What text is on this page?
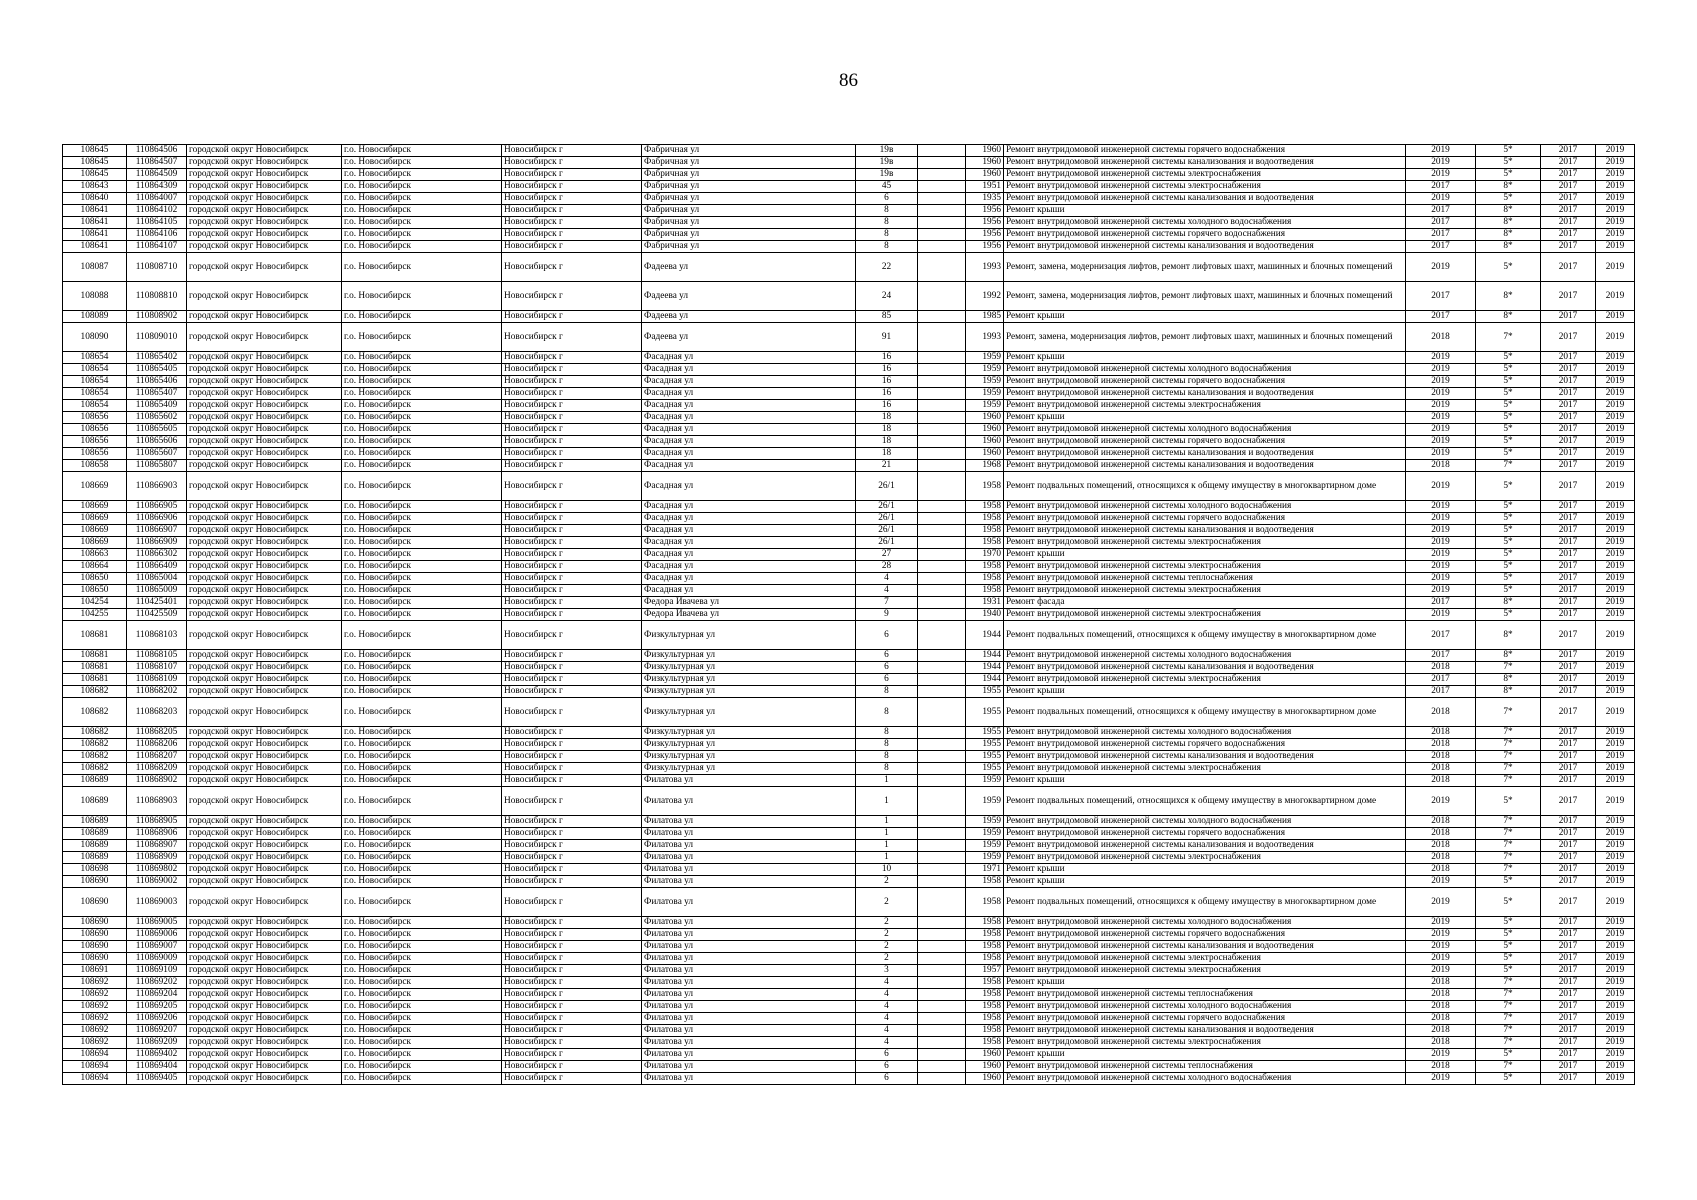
86
108645	110864506	городской округ Новосибирск	г.о. Новосибирск	Новосибирск г	Фабричная ул	19в		1960	Ремонт внутридомовой инженерной системы горячего водоснабжения	2019	5*	2017	2019
108645	110864507	городской округ Новосибирск	г.о. Новосибирск	Новосибирск г	Фабричная ул	19в		1960	Ремонт внутридомовой инженерной системы канализования и водоотведения	2019	5*	2017	2019
108645	110864509	городской округ Новосибирск	г.о. Новосибирск	Новосибирск г	Фабричная ул	19в		1960	Ремонт внутридомовой инженерной системы электроснабжения	2019	5*	2017	2019
108643	110864309	городской округ Новосибирск	г.о. Новосибирск	Новосибирск г	Фабричная ул	45		1951	Ремонт внутридомовой инженерной системы электроснабжения	2017	8*	2017	2019
108640	110864007	городской округ Новосибирск	г.о. Новосибирск	Новосибирск г	Фабричная ул	6		1935	Ремонт внутридомовой инженерной системы канализования и водоотведения	2019	5*	2017	2019
108641	110864102	городской округ Новосибирск	г.о. Новосибирск	Новосибирск г	Фабричная ул	8		1956	Ремонт крыши	2017	8*	2017	2019
108641	110864105	городской округ Новосибирск	г.о. Новосибирск	Новосибирск г	Фабричная ул	8		1956	Ремонт внутридомовой инженерной системы холодного водоснабжения	2017	8*	2017	2019
108641	110864106	городской округ Новосибирск	г.о. Новосибирск	Новосибирск г	Фабричная ул	8		1956	Ремонт внутридомовой инженерной системы горячего водоснабжения	2017	8*	2017	2019
108641	110864107	городской округ Новосибирск	г.о. Новосибирск	Новосибирск г	Фабричная ул	8		1956	Ремонт внутридомовой инженерной системы канализования и водоотведения	2017	8*	2017	2019
108087	110808710	городской округ Новосибирск	г.о. Новосибирск	Новосибирск г	Фадеева ул	22		1993	Ремонт, замена, модернизация лифтов, ремонт лифтовых шахт, машинных и блочных помещений	2019	5*	2017	2019
108088	110808810	городской округ Новосибирск	г.о. Новосибирск	Новосибирск г	Фадеева ул	24		1992	Ремонт, замена, модернизация лифтов, ремонт лифтовых шахт, машинных и блочных помещений	2017	8*	2017	2019
108089	110808902	городской округ Новосибирск	г.о. Новосибирск	Новосибирск г	Фадеева ул	85		1985	Ремонт крыши	2017	8*	2017	2019
108090	110809010	городской округ Новосибирск	г.о. Новосибирск	Новосибирск г	Фадеева ул	91		1993	Ремонт, замена, модернизация лифтов, ремонт лифтовых шахт, машинных и блочных помещений	2018	7*	2017	2019
108654	110865402	городской округ Новосибирск	г.о. Новосибирск	Новосибирск г	Фасадная ул	16		1959	Ремонт крыши	2019	5*	2017	2019
108654	110865405	городской округ Новосибирск	г.о. Новосибирск	Новосибирск г	Фасадная ул	16		1959	Ремонт внутридомовой инженерной системы холодного водоснабжения	2019	5*	2017	2019
108654	110865406	городской округ Новосибирск	г.о. Новосибирск	Новосибирск г	Фасадная ул	16		1959	Ремонт внутридомовой инженерной системы горячего водоснабжения	2019	5*	2017	2019
108654	110865407	городской округ Новосибирск	г.о. Новосибирск	Новосибирск г	Фасадная ул	16		1959	Ремонт внутридомовой инженерной системы канализования и водоотведения	2019	5*	2017	2019
108654	110865409	городской округ Новосибирск	г.о. Новосибирск	Новосибирск г	Фасадная ул	16		1959	Ремонт внутридомовой инженерной системы электроснабжения	2019	5*	2017	2019
108656	110865602	городской округ Новосибирск	г.о. Новосибирск	Новосибирск г	Фасадная ул	18		1960	Ремонт крыши	2019	5*	2017	2019
108656	110865605	городской округ Новосибирск	г.о. Новосибирск	Новосибирск г	Фасадная ул	18		1960	Ремонт внутридомовой инженерной системы холодного водоснабжения	2019	5*	2017	2019
108656	110865606	городской округ Новосибирск	г.о. Новосибирск	Новосибирск г	Фасадная ул	18		1960	Ремонт внутридомовой инженерной системы горячего водоснабжения	2019	5*	2017	2019
108656	110865607	городской округ Новосибирск	г.о. Новосибирск	Новосибирск г	Фасадная ул	18		1960	Ремонт внутридомовой инженерной системы канализования и водоотведения	2019	5*	2017	2019
108658	110865807	городской округ Новосибирск	г.о. Новосибирск	Новосибирск г	Фасадная ул	21		1968	Ремонт внутридомовой инженерной системы канализования и водоотведения	2018	7*	2017	2019
108669	110866903	городской округ Новосибирск	г.о. Новосибирск	Новосибирск г	Фасадная ул	26/1		1958	Ремонт подвальных помещений, относящихся к общему имуществу в многоквартирном доме	2019	5*	2017	2019
108669	110866905	городской округ Новосибирск	г.о. Новосибирск	Новосибирск г	Фасадная ул	26/1		1958	Ремонт внутридомовой инженерной системы холодного водоснабжения	2019	5*	2017	2019
108669	110866906	городской округ Новосибирск	г.о. Новосибирск	Новосибирск г	Фасадная ул	26/1		1958	Ремонт внутридомовой инженерной системы горячего водоснабжения	2019	5*	2017	2019
108669	110866907	городской округ Новосибирск	г.о. Новосибирск	Новосибирск г	Фасадная ул	26/1		1958	Ремонт внутридомовой инженерной системы канализования и водоотведения	2019	5*	2017	2019
108669	110866909	городской округ Новосибирск	г.о. Новосибирск	Новосибирск г	Фасадная ул	26/1		1958	Ремонт внутридомовой инженерной системы электроснабжения	2019	5*	2017	2019
108663	110866302	городской округ Новосибирск	г.о. Новосибирск	Новосибирск г	Фасадная ул	27		1970	Ремонт крыши	2019	5*	2017	2019
108664	110866409	городской округ Новосибирск	г.о. Новосибирск	Новосибирск г	Фасадная ул	28		1958	Ремонт внутридомовой инженерной системы электроснабжения	2019	5*	2017	2019
108650	110865004	городской округ Новосибирск	г.о. Новосибирск	Новосибирск г	Фасадная ул	4		1958	Ремонт внутридомовой инженерной системы теплоснабжения	2019	5*	2017	2019
108650	110865009	городской округ Новосибирск	г.о. Новосибирск	Новосибирск г	Фасадная ул	4		1958	Ремонт внутридомовой инженерной системы электроснабжения	2019	5*	2017	2019
104254	110425401	городской округ Новосибирск	г.о. Новосибирск	Новосибирск г	Федора Ивачева ул	7		1931	Ремонт фасада	2017	8*	2017	2019
104255	110425509	городской округ Новосибирск	г.о. Новосибирск	Новосибирск г	Федора Ивачева ул	9		1940	Ремонт внутридомовой инженерной системы электроснабжения	2019	5*	2017	2019
108681	110868103	городской округ Новосибирск	г.о. Новосибирск	Новосибирск г	Физкультурная ул	6		1944	Ремонт подвальных помещений, относящихся к общему имуществу в многоквартирном доме	2017	8*	2017	2019
108681	110868105	городской округ Новосибирск	г.о. Новосибирск	Новосибирск г	Физкультурная ул	6		1944	Ремонт внутридомовой инженерной системы холодного водоснабжения	2017	8*	2017	2019
108681	110868107	городской округ Новосибирск	г.о. Новосибирск	Новосибирск г	Физкультурная ул	6		1944	Ремонт внутридомовой инженерной системы канализования и водоотведения	2018	7*	2017	2019
108681	110868109	городской округ Новосибирск	г.о. Новосибирск	Новосибирск г	Физкультурная ул	6		1944	Ремонт внутридомовой инженерной системы электроснабжения	2017	8*	2017	2019
108682	110868202	городской округ Новосибирск	г.о. Новосибирск	Новосибирск г	Физкультурная ул	8		1955	Ремонт крыши	2017	8*	2017	2019
108682	110868203	городской округ Новосибирск	г.о. Новосибирск	Новосибирск г	Физкультурная ул	8		1955	Ремонт подвальных помещений, относящихся к общему имуществу в многоквартирном доме	2018	7*	2017	2019
108682	110868205	городской округ Новосибирск	г.о. Новосибирск	Новосибирск г	Физкультурная ул	8		1955	Ремонт внутридомовой инженерной системы холодного водоснабжения	2018	7*	2017	2019
108682	110868206	городской округ Новосибирск	г.о. Новосибирск	Новосибирск г	Физкультурная ул	8		1955	Ремонт внутридомовой инженерной системы горячего водоснабжения	2018	7*	2017	2019
108682	110868207	городской округ Новосибирск	г.о. Новосибирск	Новосибирск г	Физкультурная ул	8		1955	Ремонт внутридомовой инженерной системы канализования и водоотведения	2018	7*	2017	2019
108682	110868209	городской округ Новосибирск	г.о. Новосибирск	Новосибирск г	Физкультурная ул	8		1955	Ремонт внутридомовой инженерной системы электроснабжения	2018	7*	2017	2019
108689	110868902	городской округ Новосибирск	г.о. Новосибирск	Новосибирск г	Филатова ул	1		1959	Ремонт крыши	2018	7*	2017	2019
108689	110868903	городской округ Новосибирск	г.о. Новосибирск	Новосибирск г	Филатова ул	1		1959	Ремонт подвальных помещений, относящихся к общему имуществу в многоквартирном доме	2019	5*	2017	2019
108689	110868905	городской округ Новосибирск	г.о. Новосибирск	Новосибирск г	Филатова ул	1		1959	Ремонт внутридомовой инженерной системы холодного водоснабжения	2018	7*	2017	2019
108689	110868906	городской округ Новосибирск	г.о. Новосибирск	Новосибирск г	Филатова ул	1		1959	Ремонт внутридомовой инженерной системы горячего водоснабжения	2018	7*	2017	2019
108689	110868907	городской округ Новосибирск	г.о. Новосибирск	Новосибирск г	Филатова ул	1		1959	Ремонт внутридомовой инженерной системы канализования и водоотведения	2018	7*	2017	2019
108689	110868909	городской округ Новосибирск	г.о. Новосибирск	Новосибирск г	Филатова ул	1		1959	Ремонт внутридомовой инженерной системы электроснабжения	2018	7*	2017	2019
108698	110869802	городской округ Новосибирск	г.о. Новосибирск	Новосибирск г	Филатова ул	10		1971	Ремонт крыши	2018	7*	2017	2019
108690	110869002	городской округ Новосибирск	г.о. Новосибирск	Новосибирск г	Филатова ул	2		1958	Ремонт крыши	2019	5*	2017	2019
108690	110869003	городской округ Новосибирск	г.о. Новосибирск	Новосибирск г	Филатова ул	2		1958	Ремонт подвальных помещений, относящихся к общему имуществу в многоквартирном доме	2019	5*	2017	2019
108690	110869005	городской округ Новосибирск	г.о. Новосибирск	Новосибирск г	Филатова ул	2		1958	Ремонт внутридомовой инженерной системы холодного водоснабжения	2019	5*	2017	2019
108690	110869006	городской округ Новосибирск	г.о. Новосибирск	Новосибирск г	Филатова ул	2		1958	Ремонт внутридомовой инженерной системы горячего водоснабжения	2019	5*	2017	2019
108690	110869007	городской округ Новосибирск	г.о. Новосибирск	Новосибирск г	Филатова ул	2		1958	Ремонт внутридомовой инженерной системы канализования и водоотведения	2019	5*	2017	2019
108690	110869009	городской округ Новосибирск	г.о. Новосибирск	Новосибирск г	Филатова ул	2		1958	Ремонт внутридомовой инженерной системы электроснабжения	2019	5*	2017	2019
108691	110869109	городской округ Новосибирск	г.о. Новосибирск	Новосибирск г	Филатова ул	3		1957	Ремонт внутридомовой инженерной системы электроснабжения	2019	5*	2017	2019
108692	110869202	городской округ Новосибирск	г.о. Новосибирск	Новосибирск г	Филатова ул	4		1958	Ремонт крыши	2018	7*	2017	2019
108692	110869204	городской округ Новосибирск	г.о. Новосибирск	Новосибирск г	Филатова ул	4		1958	Ремонт внутридомовой инженерной системы теплоснабжения	2018	7*	2017	2019
108692	110869205	городской округ Новосибирск	г.о. Новосибирск	Новосибирск г	Филатова ул	4		1958	Ремонт внутридомовой инженерной системы холодного водоснабжения	2018	7*	2017	2019
108692	110869206	городской округ Новосибирск	г.о. Новосибирск	Новосибирск г	Филатова ул	4		1958	Ремонт внутридомовой инженерной системы горячего водоснабжения	2018	7*	2017	2019
108692	110869207	городской округ Новосибирск	г.о. Новосибирск	Новосибирск г	Филатова ул	4		1958	Ремонт внутридомовой инженерной системы канализования и водоотведения	2018	7*	2017	2019
108692	110869209	городской округ Новосибирск	г.о. Новосибирск	Новосибирск г	Филатова ул	4		1958	Ремонт внутридомовой инженерной системы электроснабжения	2018	7*	2017	2019
108694	110869402	городской округ Новосибирск	г.о. Новосибирск	Новосибирск г	Филатова ул	6		1960	Ремонт крыши	2019	5*	2017	2019
108694	110869404	городской округ Новосибирск	г.о. Новосибирск	Новосибирск г	Филатова ул	6		1960	Ремонт внутридомовой инженерной системы теплоснабжения	2018	7*	2017	2019
108694	110869405	городской округ Новосибирск	г.о. Новосибирск	Новосибирск г	Филатова ул	6		1960	Ремонт внутридомовой инженерной системы холодного водоснабжения	2019	5*	2017	2019
